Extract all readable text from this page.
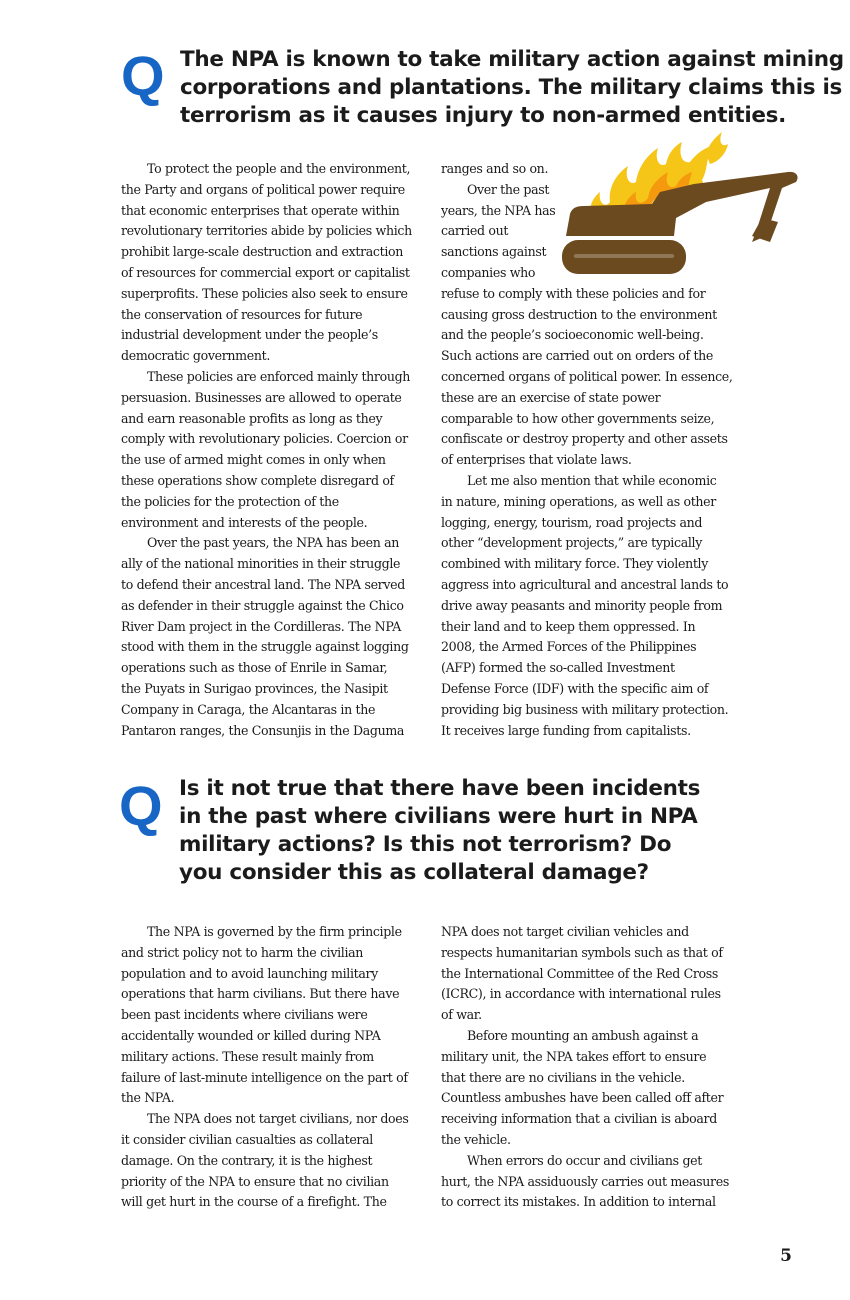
Q The NPA is known to take military action against mining
corporations and plantations. The military claims this is
terrorism as it causes injury to non-armed entities.
To protect the people and the environment,
the Party and organs of political power require
that economic enterprises that operate within
revolutionary territories abide by policies which
prohibit large-scale destruction and extraction
of resources for commercial export or capitalist
superprofits. These policies also seek to ensure
the conservation of resources for future
industrial development under the people’s
democratic government.
These policies are enforced mainly through
persuasion. Businesses are allowed to operate
and earn reasonable profits as long as they
comply with revolutionary policies. Coercion or
the use of armed might comes in only when
these operations show complete disregard of
the policies for the protection of the
environment and interests of the people.
Over the past years, the NPA has been an
ally of the national minorities in their struggle
to defend their ancestral land. The NPA served
as defender in their struggle against the Chico
River Dam project in the Cordilleras. The NPA
stood with them in the struggle against logging
operations such as those of Enrile in Samar,
the Puyats in Surigao provinces, the Nasipit
Company in Caraga, the Alcantaras in the
Pantaron ranges, the Consunjis in the Daguma
ranges and so on.
Over the past
years, the NPA has
carried out
sanctions against
companies who
refuse to comply with these policies and for
causing gross destruction to the environment
and the people’s socioeconomic well-being.
Such actions are carried out on orders of the
concerned organs of political power. In essence,
these are an exercise of state power
comparable to how other governments seize,
confiscate or destroy property and other assets
of enterprises that violate laws.
Let me also mention that while economic
in nature, mining operations, as well as other
logging, energy, tourism, road projects and
other “development projects,” are typically
combined with military force. They violently
aggress into agricultural and ancestral lands to
drive away peasants and minority people from
their land and to keep them oppressed. In
2008, the Armed Forces of the Philippines
(AFP) formed the so-called Investment
Defense Force (IDF) with the specific aim of
providing big business with military protection.
It receives large funding from capitalists.
Q Is it not true that there have been incidents
in the past where civilians were hurt in NPA
military actions? Is this not terrorism? Do
you consider this as collateral damage?
The NPA is governed by the firm principle
and strict policy not to harm the civilian
population and to avoid launching military
operations that harm civilians. But there have
been past incidents where civilians were
accidentally wounded or killed during NPA
military actions. These result mainly from
failure of last-minute intelligence on the part of
the NPA.
The NPA does not target civilians, nor does
it consider civilian casualties as collateral
damage. On the contrary, it is the highest
priority of the NPA to ensure that no civilian
will get hurt in the course of a firefight. The
NPA does not target civilian vehicles and
respects humanitarian symbols such as that of
the International Committee of the Red Cross
(ICRC), in accordance with international rules
of war.
Before mounting an ambush against a
military unit, the NPA takes effort to ensure
that there are no civilians in the vehicle.
Countless ambushes have been called off after
receiving information that a civilian is aboard
the vehicle.
When errors do occur and civilians get
hurt, the NPA assiduously carries out measures
to correct its mistakes. In addition to internal
5
